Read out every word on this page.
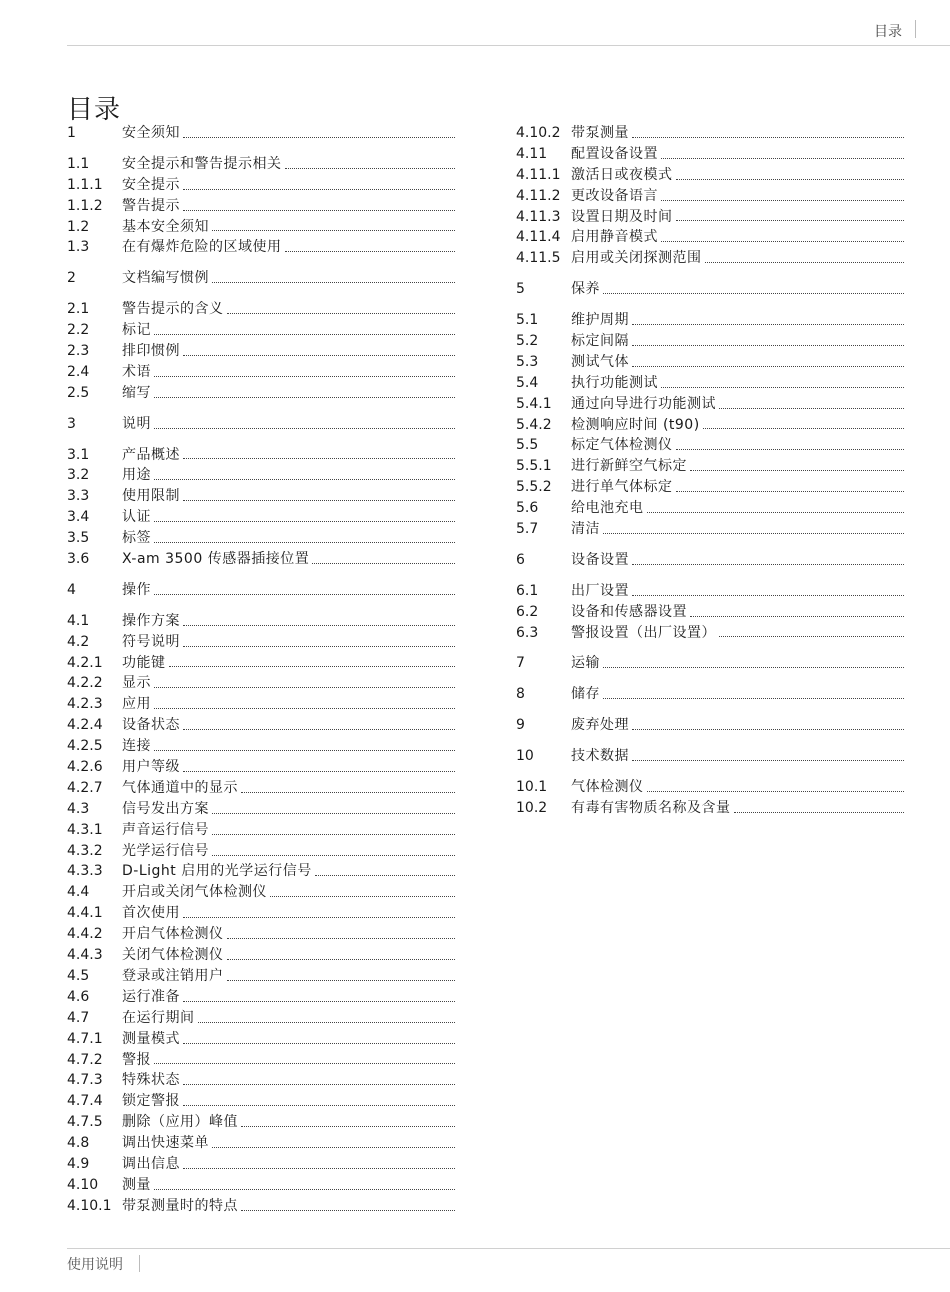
目录
目录
1	安全须知
1.1	安全提示和警告提示相关
1.1.1	安全提示
1.1.2	警告提示
1.2	基本安全须知
1.3	在有爆炸危险的区域使用
2	文档编写惯例
2.1	警告提示的含义
2.2	标记
2.3	排印惯例
2.4	术语
2.5	缩写
3	说明
3.1	产品概述
3.2	用途
3.3	使用限制
3.4	认证
3.5	标签
3.6	X-am 3500 传感器插接位置
4	操作
4.1	操作方案
4.2	符号说明
4.2.1	功能键
4.2.2	显示
4.2.3	应用
4.2.4	设备状态
4.2.5	连接
4.2.6	用户等级
4.2.7	气体通道中的显示
4.3	信号发出方案
4.3.1	声音运行信号
4.3.2	光学运行信号
4.3.3	D-Light 启用的光学运行信号
4.4	开启或关闭气体检测仪
4.4.1	首次使用
4.4.2	开启气体检测仪
4.4.3	关闭气体检测仪
4.5	登录或注销用户
4.6	运行准备
4.7	在运行期间
4.7.1	测量模式
4.7.2	警报
4.7.3	特殊状态
4.7.4	锁定警报
4.7.5	删除（应用）峰值
4.8	调出快速菜单
4.9	调出信息
4.10	测量
4.10.1 带泵测量时的特点
4.10.2 带泵测量
4.11	配置设备设置
4.11.1 激活日或夜模式
4.11.2 更改设备语言
4.11.3 设置日期及时间
4.11.4 启用静音模式
4.11.5 启用或关闭探测范围
5	保养
5.1	维护周期
5.2	标定间隔
5.3	测试气体
5.4	执行功能测试
5.4.1	通过向导进行功能测试
5.4.2	检测响应时间 (t90)
5.5	标定气体检测仪
5.5.1	进行新鲜空气标定
5.5.2	进行单气体标定
5.6	给电池充电
5.7	清洁
6	设备设置
6.1	出厂设置
6.2	设备和传感器设置
6.3	警报设置（出厂设置）
7	运输
8	储存
9	废弃处理
10	技术数据
10.1	气体检测仪
10.2	有毒有害物质名称及含量
使用说明
